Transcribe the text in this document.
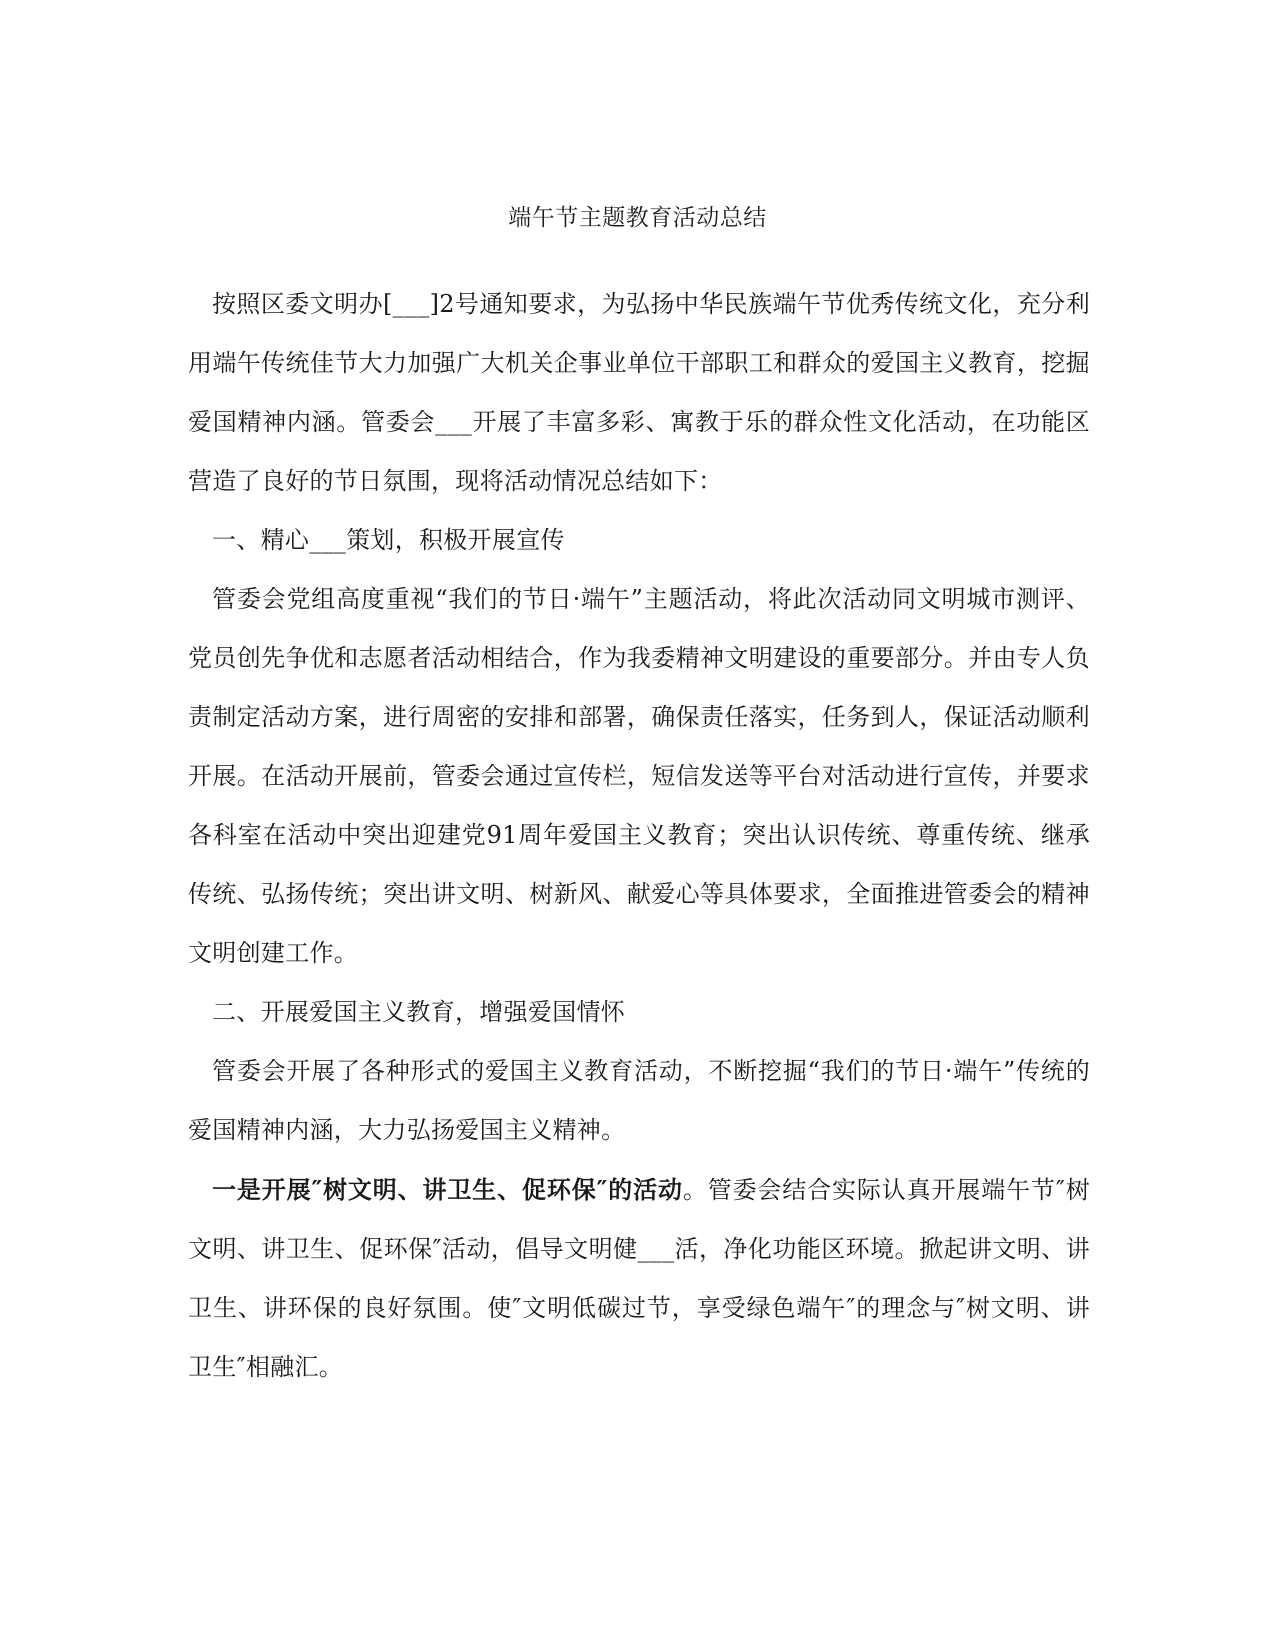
端午节主题教育活动总结

按照区委文明办[___]2号通知要求，为弘扬中华民族端午节优秀传统文化，充分利用端午传统佳节大力加强广大机关企事业单位干部职工和群众的爱国主义教育，挖掘爱国精神内涵。管委会___开展了丰富多彩、寓教于乐的群众性文化活动，在功能区营造了良好的节日氛围，现将活动情况总结如下：

一、精心___策划，积极开展宣传

管委会党组高度重视“我们的节日·端午”主题活动，将此次活动同文明城市测评、党员创先争优和志愿者活动相结合，作为我委精神文明建设的重要部分。并由专人负责制定活动方案，进行周密的安排和部署，确保责任落实，任务到人，保证活动顺利开展。在活动开展前，管委会通过宣传栏，短信发送等平台对活动进行宣传，并要求各科室在活动中突出迎建党91周年爱国主义教育；突出认识传统、尊重传统、继承传统、弘扬传统；突出讲文明、树新风、献爱心等具体要求，全面推进管委会的精神文明创建工作。

二、开展爱国主义教育，增强爱国情怀

管委会开展了各种形式的爱国主义教育活动，不断挖掘“我们的节日·端午”传统的爱国精神内涵，大力弘扬爱国主义精神。

一是开展″树文明、讲卫生、促环保″的活动。管委会结合实际认真开展端午节″树文明、讲卫生、促环保″活动，倡导文明健___活，净化功能区环境。掀起讲文明、讲卫生、讲环保的良好氛围。使″文明低碳过节，享受绿色端午″的理念与″树文明、讲卫生″相融汇。
